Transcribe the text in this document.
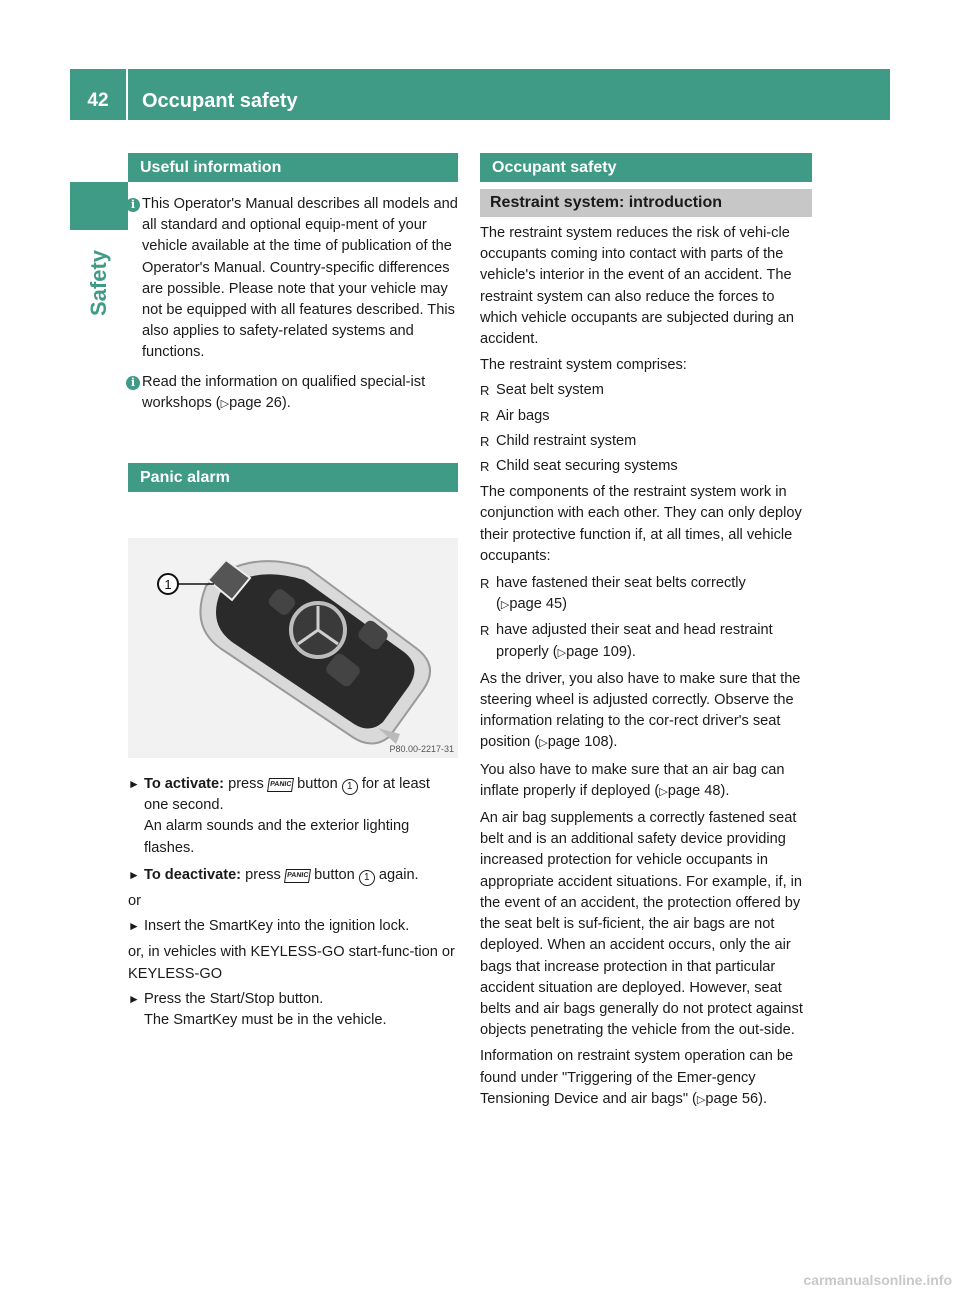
42	Occupant safety
Safety
Useful information
i This Operator's Manual describes all models and all standard and optional equip-ment of your vehicle available at the time of publication of the Operator's Manual. Country-specific differences are possible. Please note that your vehicle may not be equipped with all features described. This also applies to safety-related systems and functions.
i Read the information on qualified special-ist workshops (▷page 26).
Panic alarm
1
P80.00-2217-31
► To activate: press PANIC button 1 for at least one second.
An alarm sounds and the exterior lighting flashes.
► To deactivate: press PANIC button 1 again.

or

► Insert the SmartKey into the ignition lock.

or, in vehicles with KEYLESS-GO start-func-tion or KEYLESS-GO

► Press the Start/Stop button.
The SmartKey must be in the vehicle.
Occupant safety
Restraint system: introduction

The restraint system reduces the risk of vehi-cle occupants coming into contact with parts of the vehicle's interior in the event of an accident. The restraint system can also reduce the forces to which vehicle occupants are subjected during an accident.

The restraint system comprises:

R Seat belt system
R Air bags
R Child restraint system
R Child seat securing systems

The components of the restraint system work in conjunction with each other. They can only deploy their protective function if, at all times, all vehicle occupants:

R have fastened their seat belts correctly (▷page 45)
R have adjusted their seat and head restraint properly (▷page 109).

As the driver, you also have to make sure that the steering wheel is adjusted correctly. Observe the information relating to the cor-rect driver's seat position (▷page 108).

You also have to make sure that an air bag can inflate properly if deployed (▷page 48).

An air bag supplements a correctly fastened seat belt and is an additional safety device providing increased protection for vehicle occupants in appropriate accident situations. For example, if, in the event of an accident, the protection offered by the seat belt is suf-ficient, the air bags are not deployed. When an accident occurs, only the air bags that increase protection in that particular accident situation are deployed. However, seat belts and air bags generally do not protect against objects penetrating the vehicle from the out-side.

Information on restraint system operation can be found under "Triggering of the Emer-gency Tensioning Device and air bags" (▷page 56).

carmanualsonline.info
